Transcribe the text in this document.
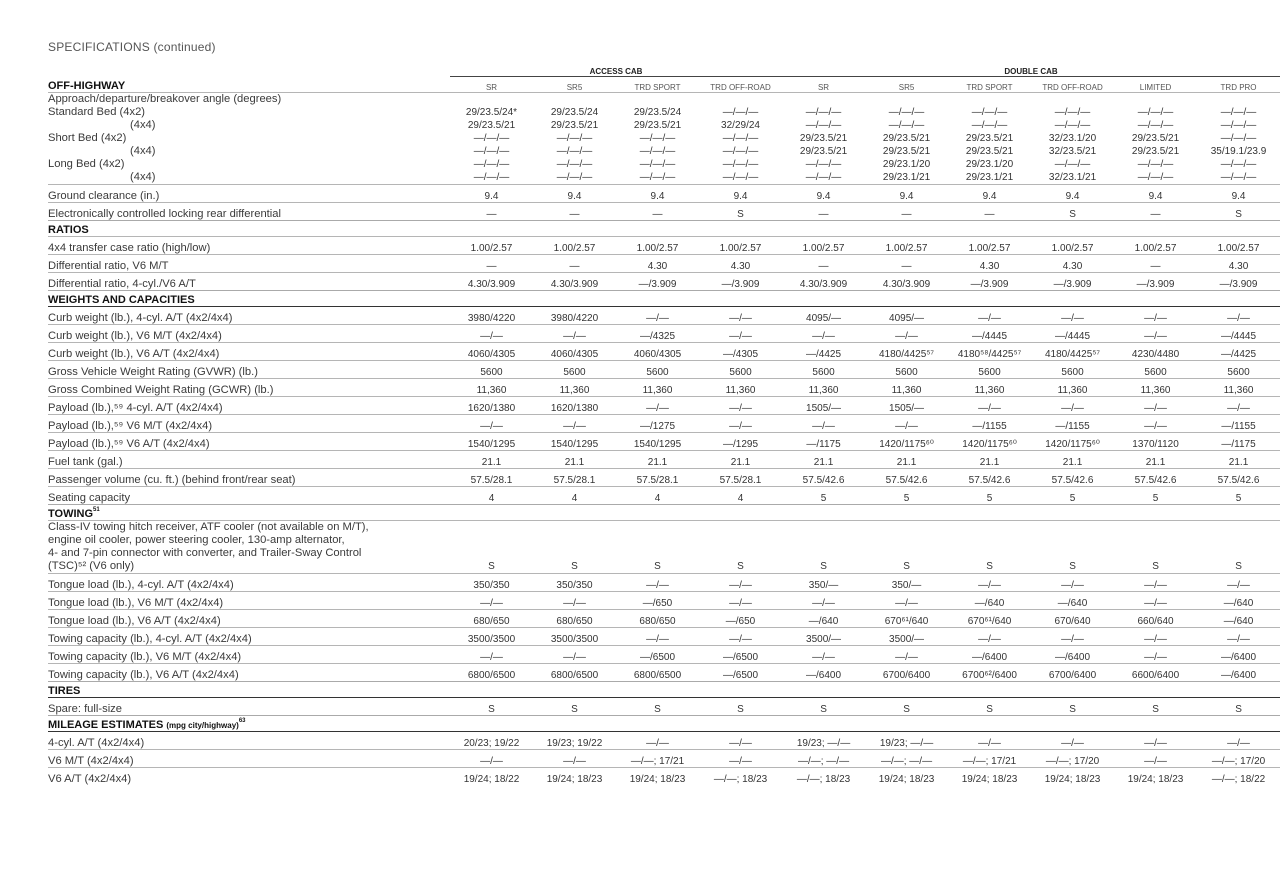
SPECIFICATIONS (continued)
	ACCESS CAB				DOUBLE CAB					
OFF-HIGHWAY	SR	SR5	TRD SPORT	TRD OFF-ROAD	SR	SR5	TRD SPORT	TRD OFF-ROAD	LIMITED	TRD PRO
Approach/departure/breakover angle (degrees)										
Standard Bed (4x2)	29/23.5/24*	29/23.5/24	29/23.5/24	—/—/—	—/—/—	—/—/—	—/—/—	—/—/—	—/—/—	—/—/—
(4x4)	29/23.5/21	29/23.5/21	29/23.5/21	32/29/24	—/—/—	—/—/—	—/—/—	—/—/—	—/—/—	—/—/—
Short Bed (4x2)	—/—/—	—/—/—	—/—/—	—/—/—	29/23.5/21	29/23.5/21	29/23.5/21	32/23.1/20	29/23.5/21	—/—/—
(4x4)	—/—/—	—/—/—	—/—/—	—/—/—	29/23.5/21	29/23.5/21	29/23.5/21	32/23.5/21	29/23.5/21	35/19.1/23.9
Long Bed (4x2)	—/—/—	—/—/—	—/—/—	—/—/—	—/—/—	29/23.1/20	29/23.1/20	—/—/—	—/—/—	—/—/—
(4x4)	—/—/—	—/—/—	—/—/—	—/—/—	—/—/—	29/23.1/21	29/23.1/21	32/23.1/21	—/—/—	—/—/—
Ground clearance (in.)	9.4	9.4	9.4	9.4	9.4	9.4	9.4	9.4	9.4	9.4
Electronically controlled locking rear differential	—	—	—	S	—	—	—	S	—	S
RATIOS										
4x4 transfer case ratio (high/low)	1.00/2.57	1.00/2.57	1.00/2.57	1.00/2.57	1.00/2.57	1.00/2.57	1.00/2.57	1.00/2.57	1.00/2.57	1.00/2.57
Differential ratio, V6 M/T	—	—	4.30	4.30	—	—	4.30	4.30	—	4.30
Differential ratio, 4-cyl./V6 A/T	4.30/3.909	4.30/3.909	—/3.909	—/3.909	4.30/3.909	4.30/3.909	—/3.909	—/3.909	—/3.909	—/3.909
WEIGHTS AND CAPACITIES										
Curb weight (lb.), 4-cyl. A/T (4x2/4x4)	3980/4220	3980/4220	—/—	—/—	4095/—	4095/—	—/—	—/—	—/—	—/—
Curb weight (lb.), V6 M/T (4x2/4x4)	—/—	—/—	—/4325	—/—	—/—	—/—	—/4445	—/4445	—/—	—/4445
Curb weight (lb.), V6 A/T (4x2/4x4)	4060/4305	4060/4305	4060/4305	—/4305	—/4425	4180/4425⁵⁷	4180⁵⁸/4425⁵⁷	4180/4425⁵⁷	4230/4480	—/4425
Gross Vehicle Weight Rating (GVWR) (lb.)	5600	5600	5600	5600	5600	5600	5600	5600	5600	5600
Gross Combined Weight Rating (GCWR) (lb.)	11,360	11,360	11,360	11,360	11,360	11,360	11,360	11,360	11,360	11,360
Payload (lb.),⁵⁹ 4-cyl. A/T (4x2/4x4)	1620/1380	1620/1380	—/—	—/—	1505/—	1505/—	—/—	—/—	—/—	—/—
Payload (lb.),⁵⁹ V6 M/T (4x2/4x4)	—/—	—/—	—/1275	—/—	—/—	—/—	—/1155	—/1155	—/—	—/1155
Payload (lb.),⁵⁹ V6 A/T (4x2/4x4)	1540/1295	1540/1295	1540/1295	—/1295	—/1175	1420/1175⁶⁰	1420/1175⁶⁰	1420/1175⁶⁰	1370/1120	—/1175
Fuel tank (gal.)	21.1	21.1	21.1	21.1	21.1	21.1	21.1	21.1	21.1	21.1
Passenger volume (cu. ft.) (behind front/rear seat)	57.5/28.1	57.5/28.1	57.5/28.1	57.5/28.1	57.5/42.6	57.5/42.6	57.5/42.6	57.5/42.6	57.5/42.6	57.5/42.6
Seating capacity	4	4	4	4	5	5	5	5	5	5
TOWING$^{51}$

Class-IV towing hitch receiver, ATF cooler (not available on M/T),
engine oil cooler, power steering cooler, 130-amp alternator,
4- and 7-pin connector with converter, and Trailer-Sway Control
(TSC)⁵² (V6 only)	S	S	S	S	S	S	S	S	S	S
Tongue load (lb.), 4-cyl. A/T (4x2/4x4)	350/350	350/350	—/—	—/—	350/—	350/—	—/—	—/—	—/—	—/—
Tongue load (lb.), V6 M/T (4x2/4x4)	—/—	—/—	—/650	—/—	—/—	—/—	—/640	—/640	—/—	—/640
Tongue load (lb.), V6 A/T (4x2/4x4)	680/650	680/650	680/650	—/650	—/640	670⁶¹/640	670⁶¹/640	670/640	660/640	—/640
Towing capacity (lb.), 4-cyl. A/T (4x2/4x4)	3500/3500	3500/3500	—/—	—/—	3500/—	3500/—	—/—	—/—	—/—	—/—
Towing capacity (lb.), V6 M/T (4x2/4x4)	—/—	—/—	—/6500	—/6500	—/—	—/—	—/6400	—/6400	—/—	—/6400
Towing capacity (lb.), V6 A/T (4x2/4x4)	6800/6500	6800/6500	6800/6500	—/6500	—/6400	6700/6400	6700⁶²/6400	6700/6400	6600/6400	—/6400
TIRES										
Spare: full-size	S	S	S	S	S	S	S	S	S	S
MILEAGE ESTIMATES (mpg city/highway)$^{63}$
4-cyl. A/T (4x2/4x4)	20/23; 19/22	19/23; 19/22	—/—	—/—	19/23; —/—	19/23; —/—	—/—	—/—	—/—	—/—
V6 M/T (4x2/4x4)	—/—	—/—	—/—; 17/21	—/—	—/—; —/—	—/—; —/—	—/—; 17/21	—/—; 17/20	—/—	—/—; 17/20
V6 A/T (4x2/4x4)	19/24; 18/22	19/24; 18/23	19/24; 18/23	—/—; 18/23	—/—; 18/23	19/24; 18/23	19/24; 18/23	19/24; 18/23	19/24; 18/23	—/—; 18/22
